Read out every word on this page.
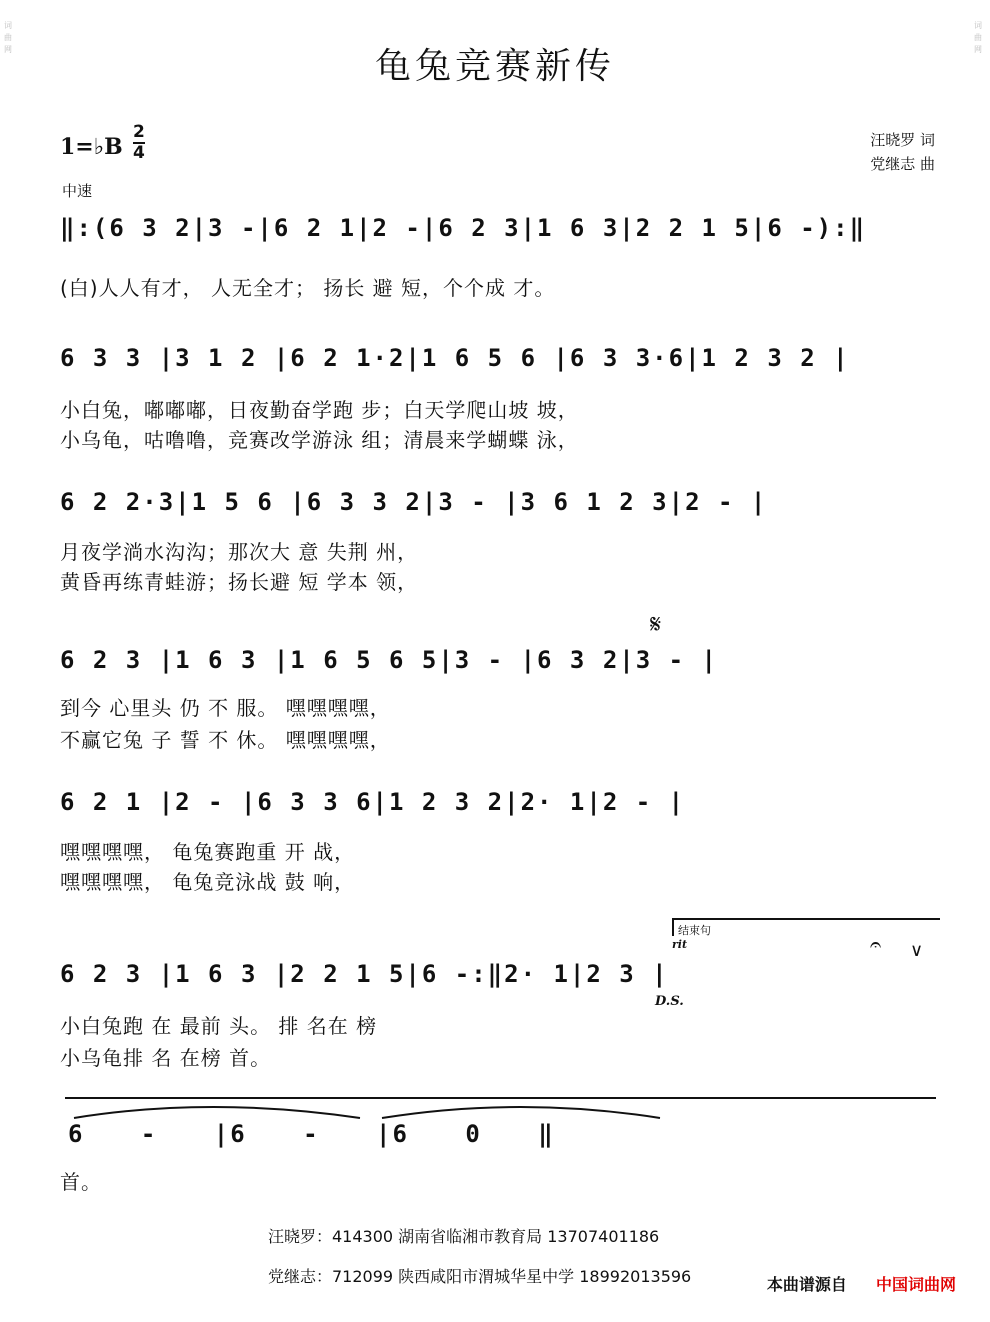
龟兔竞赛新传
汪晓罗 词
党继志 曲
1=♭B
2
4
中速
‖:(6 3 2|3 -|6 2 1|2 -|6 2 3|1 6 3|2 2 1 5|6 -):‖
(白)人人有才， 人无全才； 扬长 避 短，个个成 才。
6 3 3 |3 1 2 |6 2 1·2|1 6 5 6 |6 3 3·6|1 2 3 2 |
小白兔，嘟嘟嘟，日夜勤奋学跑 步；白天学爬山坡 坡，
小乌龟，咕噜噜，竞赛改学游泳 组；清晨来学蝴蝶 泳，
6 2 2·3|1 5 6 |6 3 3 2|3 - |3 6 1 2 3|2 - |
月夜学淌水沟沟；那次大 意 失荆 州，
黄昏再练青蛙游；扬长避 短 学本 领，
𝄋
6 2 3 |1 6 3 |1 6 5 6 5|3 - |6 3 2|3 - |
到今 心里头 仍 不 服。 嘿嘿嘿嘿，
不赢它兔 子 誓 不 休。 嘿嘿嘿嘿，
6 2 1 |2 - |6 3 3 6|1 2 3 2|2· 1|2 - |
嘿嘿嘿嘿， 龟兔赛跑重 开 战，
嘿嘿嘿嘿， 龟兔竞泳战 鼓 响，
结束句
rit	𝄐 ∨
6 2 3 |1 6 3 |2 2 1 5|6 -:‖2· 1|2 3 |
D.S.
小白兔跑 在 最前 头。 排 名在 榜
小乌龟排 名 在榜 首。
6 - |6 - |6 0 ‖
首。
汪晓罗：414300 湖南省临湘市教育局 13707401186
党继志：712099 陕西咸阳市渭城华星中学 18992013596	本曲谱源自 中国词曲网
词
曲
网
词
曲
网
